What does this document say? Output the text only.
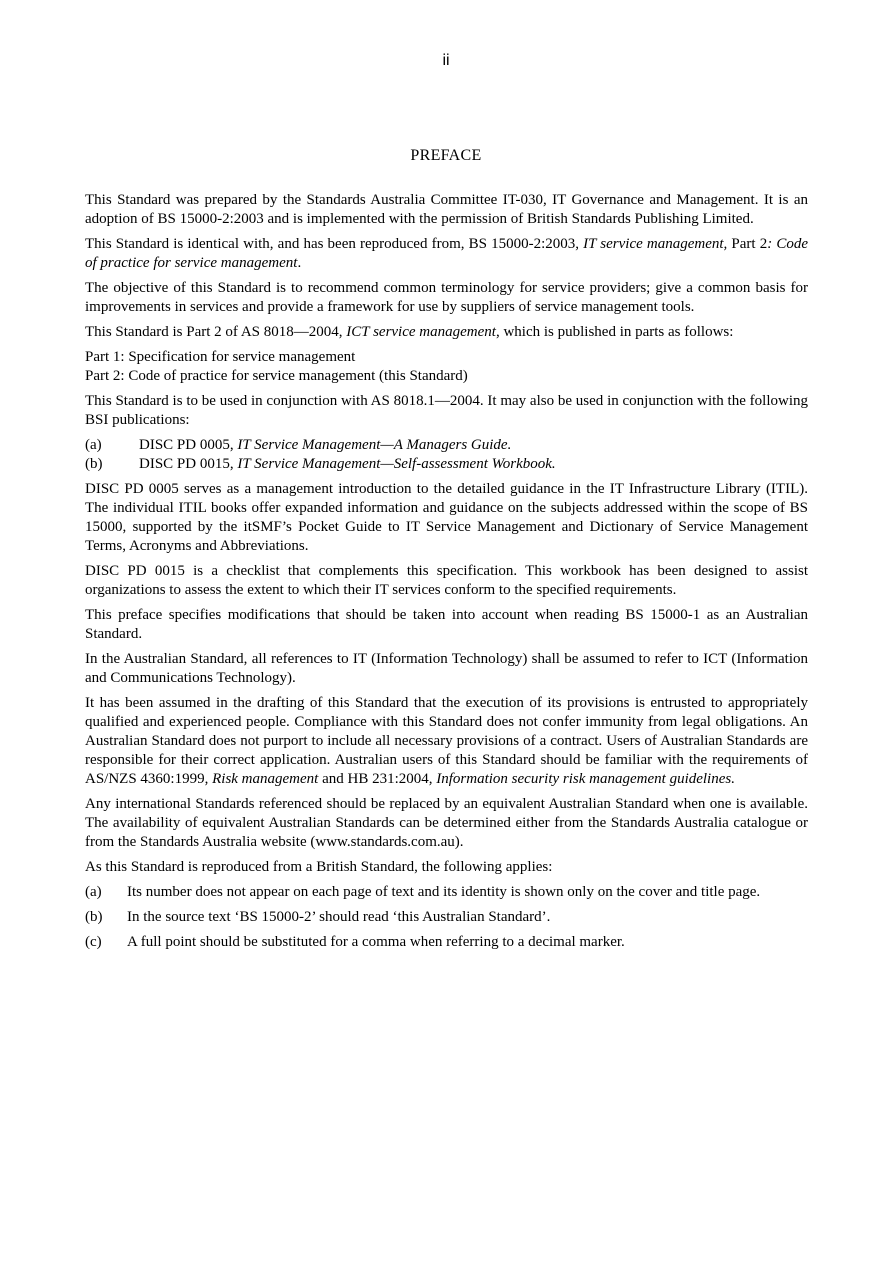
ii
PREFACE

This Standard was prepared by the Standards Australia Committee IT-030, IT Governance and Management. It is an adoption of BS 15000-2:2003 and is implemented with the permission of British Standards Publishing Limited.

This Standard is identical with, and has been reproduced from, BS 15000-2:2003, IT service management, Part 2: Code of practice for service management.

The objective of this Standard is to recommend common terminology for service providers; give a common basis for improvements in services and provide a framework for use by suppliers of service management tools.

This Standard is Part 2 of AS 8018—2004, ICT service management, which is published in parts as follows:

Part 1: Specification for service management
Part 2: Code of practice for service management (this Standard)

This Standard is to be used in conjunction with AS 8018.1—2004. It may also be used in conjunction with the following BSI publications:

(a)	DISC PD 0005, IT Service Management—A Managers Guide.
(b)	DISC PD 0015, IT Service Management—Self-assessment Workbook.

DISC PD 0005 serves as a management introduction to the detailed guidance in the IT Infrastructure Library (ITIL). The individual ITIL books offer expanded information and guidance on the subjects addressed within the scope of BS 15000, supported by the itSMF’s Pocket Guide to IT Service Management and Dictionary of Service Management Terms, Acronyms and Abbreviations.

DISC PD 0015 is a checklist that complements this specification. This workbook has been designed to assist organizations to assess the extent to which their IT services conform to the specified requirements.

This preface specifies modifications that should be taken into account when reading BS 15000-1 as an Australian Standard.

In the Australian Standard, all references to IT (Information Technology) shall be assumed to refer to ICT (Information and Communications Technology).

It has been assumed in the drafting of this Standard that the execution of its provisions is entrusted to appropriately qualified and experienced people. Compliance with this Standard does not confer immunity from legal obligations. An Australian Standard does not purport to include all necessary provisions of a contract. Users of Australian Standards are responsible for their correct application. Australian users of this Standard should be familiar with the requirements of AS/NZS 4360:1999, Risk management and HB 231:2004, Information security risk management guidelines.

Any international Standards referenced should be replaced by an equivalent Australian Standard when one is available. The availability of equivalent Australian Standards can be determined either from the Standards Australia catalogue or from the Standards Australia website (www.standards.com.au).

As this Standard is reproduced from a British Standard, the following applies:

(a)	Its number does not appear on each page of text and its identity is shown only on the cover and title page.
(b)	In the source text ‘BS 15000-2’ should read ‘this Australian Standard’.
(c)	A full point should be substituted for a comma when referring to a decimal marker.
